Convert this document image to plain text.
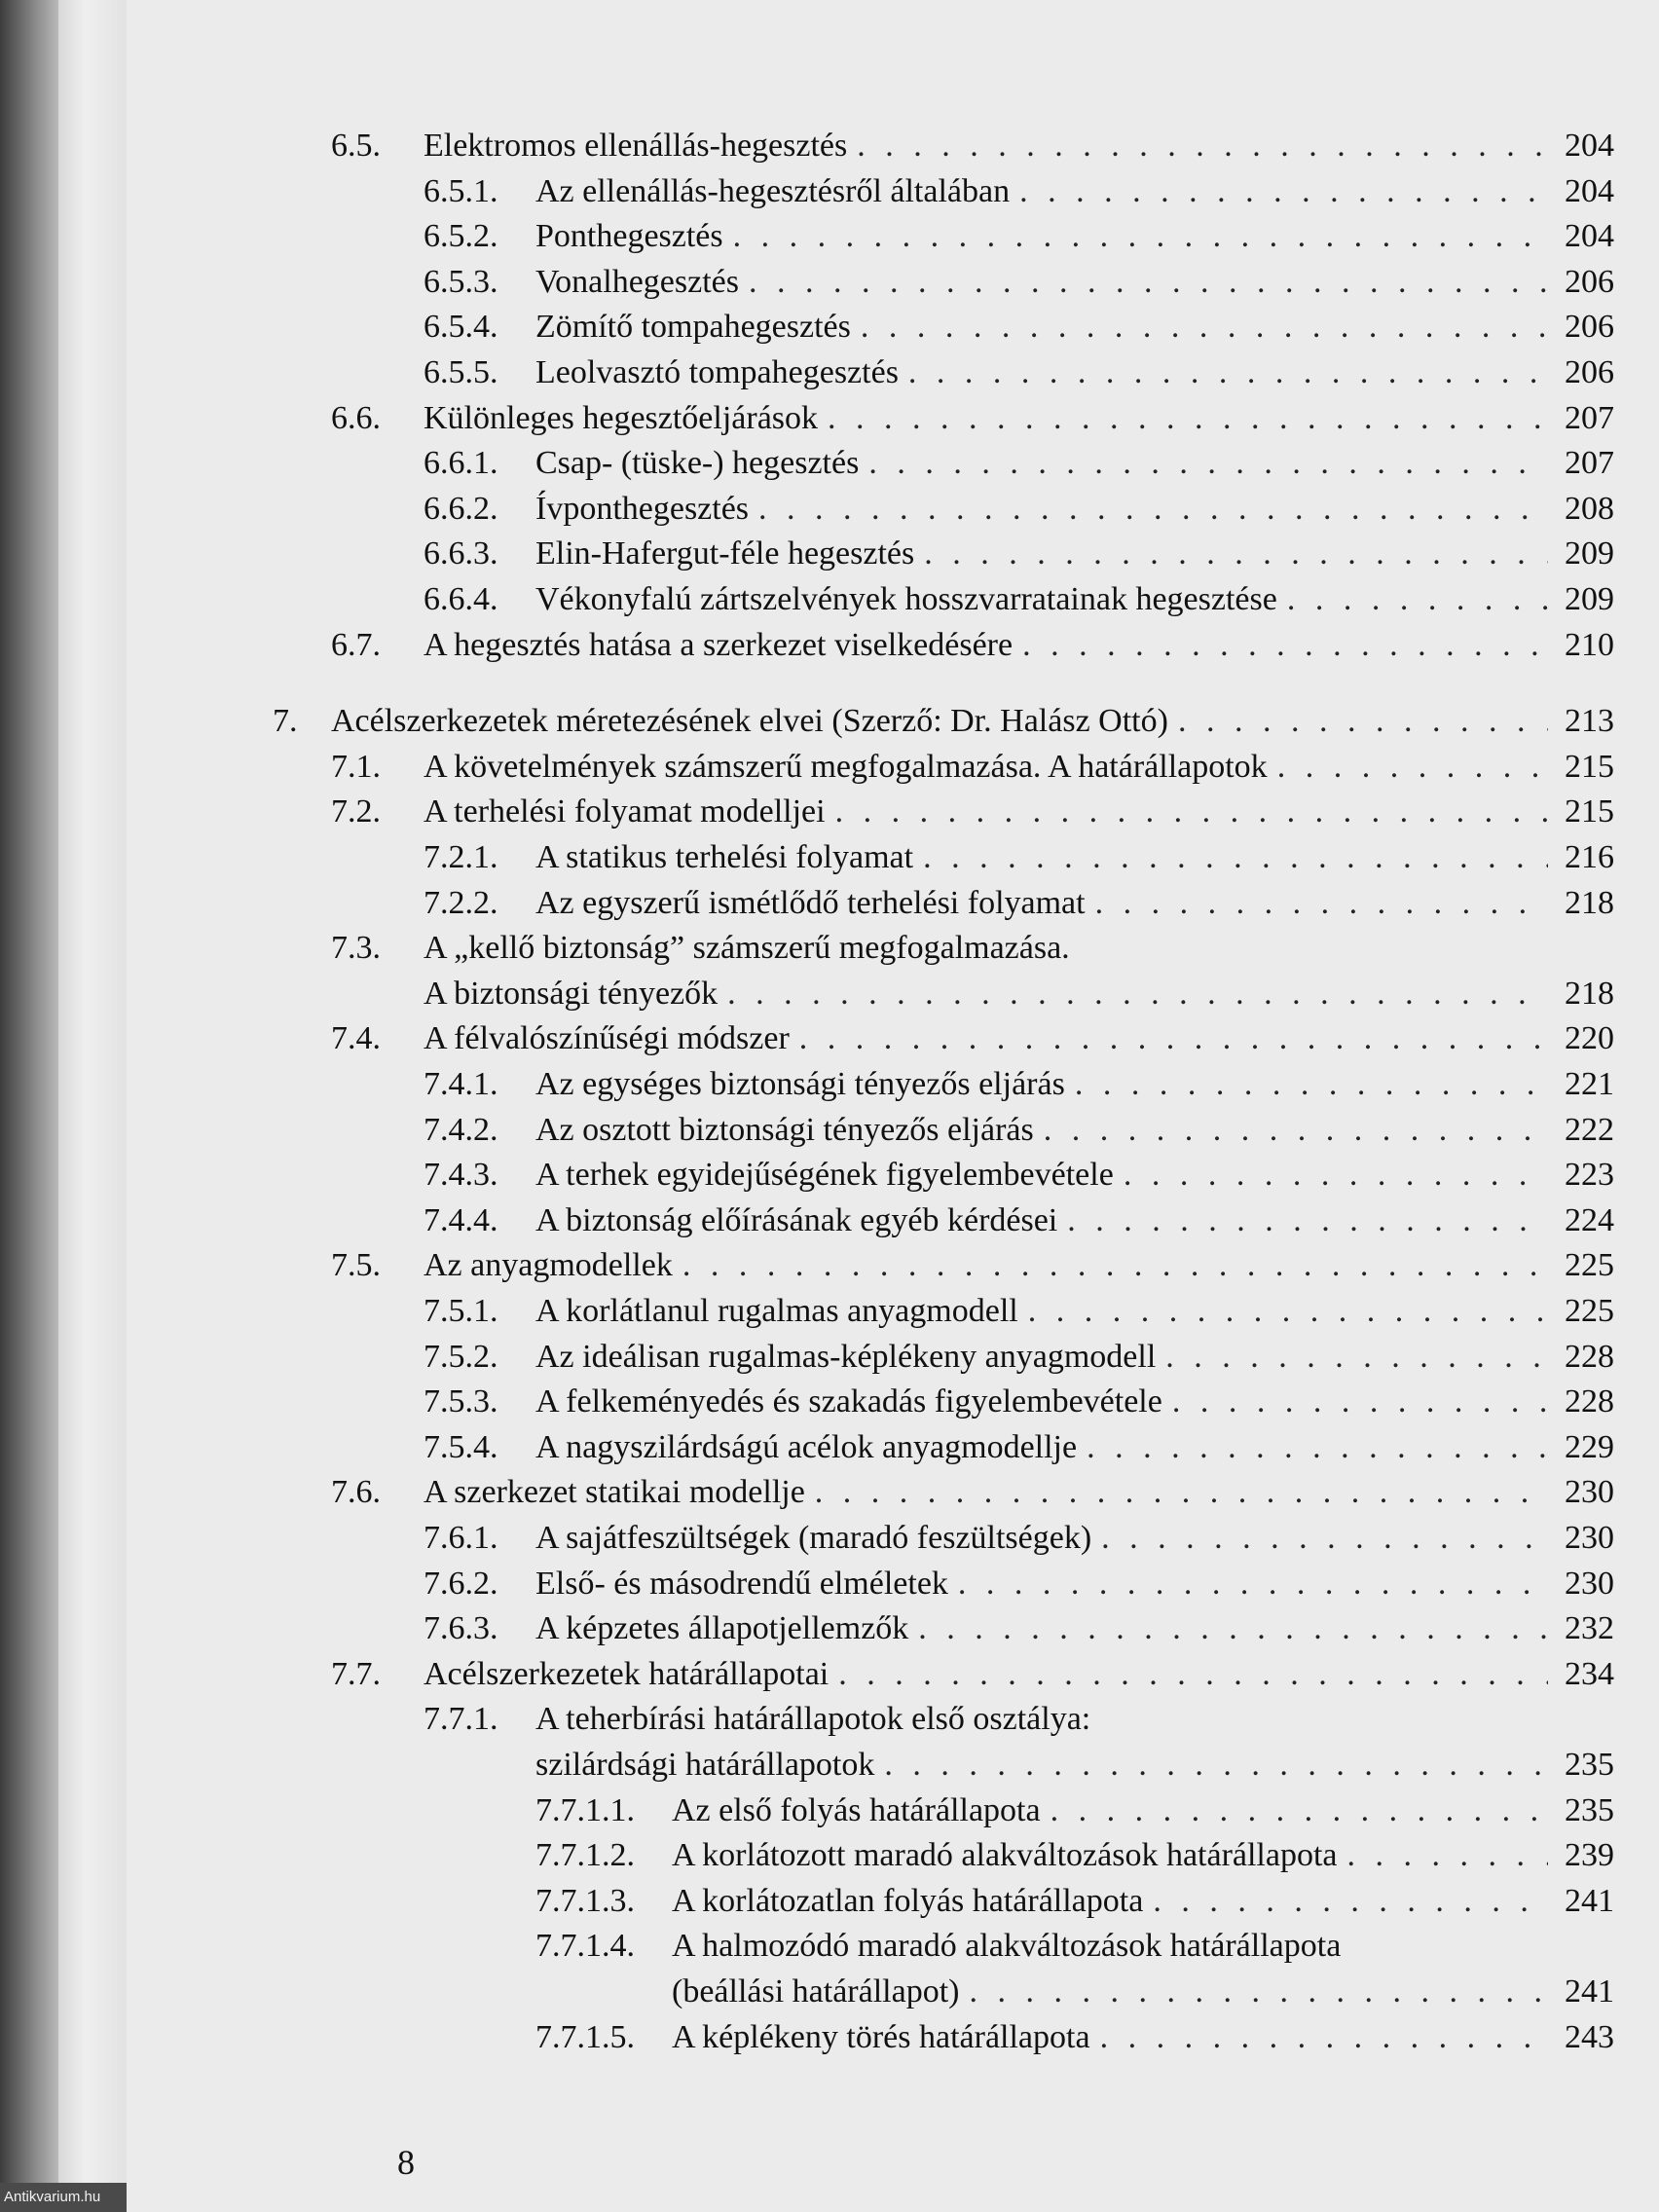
6.5. Elektromos ellenállás-hegesztés . . .	204
6.5.1. Az ellenállás-hegesztésről általában . . .	204
6.5.2. Ponthegesztés . . .	204
6.5.3. Vonalhegesztés . . .	206
6.5.4. Zömítő tompahegesztés . . .	206
6.5.5. Leolvasztó tompahegesztés . . .	206
6.6. Különleges hegesztőeljárások . . .	207
6.6.1. Csap- (tüske-) hegesztés . . .	207
6.6.2. Ívponthegesztés . . .	208
6.6.3. Elin-Hafergut-féle hegesztés . . .	209
6.6.4. Vékonyfalú zártszelvények hosszvarratainak hegesztése . . .	209
6.7. A hegesztés hatása a szerkezet viselkedésére . . .	210
7. Acélszerkezetek méretezésének elvei (Szerző: Dr. Halász Ottó) . . .	213
7.1. A követelmények számszerű megfogalmazása. A határállapotok . . .	215
7.2. A terhelési folyamat modelljei . . .	215
7.2.1. A statikus terhelési folyamat . . .	216
7.2.2. Az egyszerű ismétlődő terhelési folyamat . . .	218
7.3. A „kellő biztonság” számszerű megfogalmazása.
A biztonsági tényezők . . .	218
7.4. A félvalószínűségi módszer . . .	220
7.4.1. Az egységes biztonsági tényezős eljárás . . .	221
7.4.2. Az osztott biztonsági tényezős eljárás . . .	222
7.4.3. A terhek egyidejűségének figyelembevétele . . .	223
7.4.4. A biztonság előírásának egyéb kérdései . . .	224
7.5. Az anyagmodellek . . .	225
7.5.1. A korlátlanul rugalmas anyagmodell . . .	225
7.5.2. Az ideálisan rugalmas-képlékeny anyagmodell . . .	228
7.5.3. A felkeményedés és szakadás figyelembevétele . . .	228
7.5.4. A nagyszilárdságú acélok anyagmodellje . . .	229
7.6. A szerkezet statikai modellje . . .	230
7.6.1. A sajátfeszültségek (maradó feszültségek) . . .	230
7.6.2. Első- és másodrendű elméletek . . .	230
7.6.3. A képzetes állapotjellemzők . . .	232
7.7. Acélszerkezetek határállapotai . . .	234
7.7.1. A teherbírási határállapotok első osztálya:
szilárdsági határállapotok . . .	235
7.7.1.1. Az első folyás határállapota . . .	235
7.7.1.2. A korlátozott maradó alakváltozások határállapota . . .	239
7.7.1.3. A korlátozatlan folyás határállapota . . .	241
7.7.1.4. A halmozódó maradó alakváltozások határállapota
(beállási határállapot) . . .	241
7.7.1.5. A képlékeny törés határállapota . . .	243
8
Antikvarium.hu
